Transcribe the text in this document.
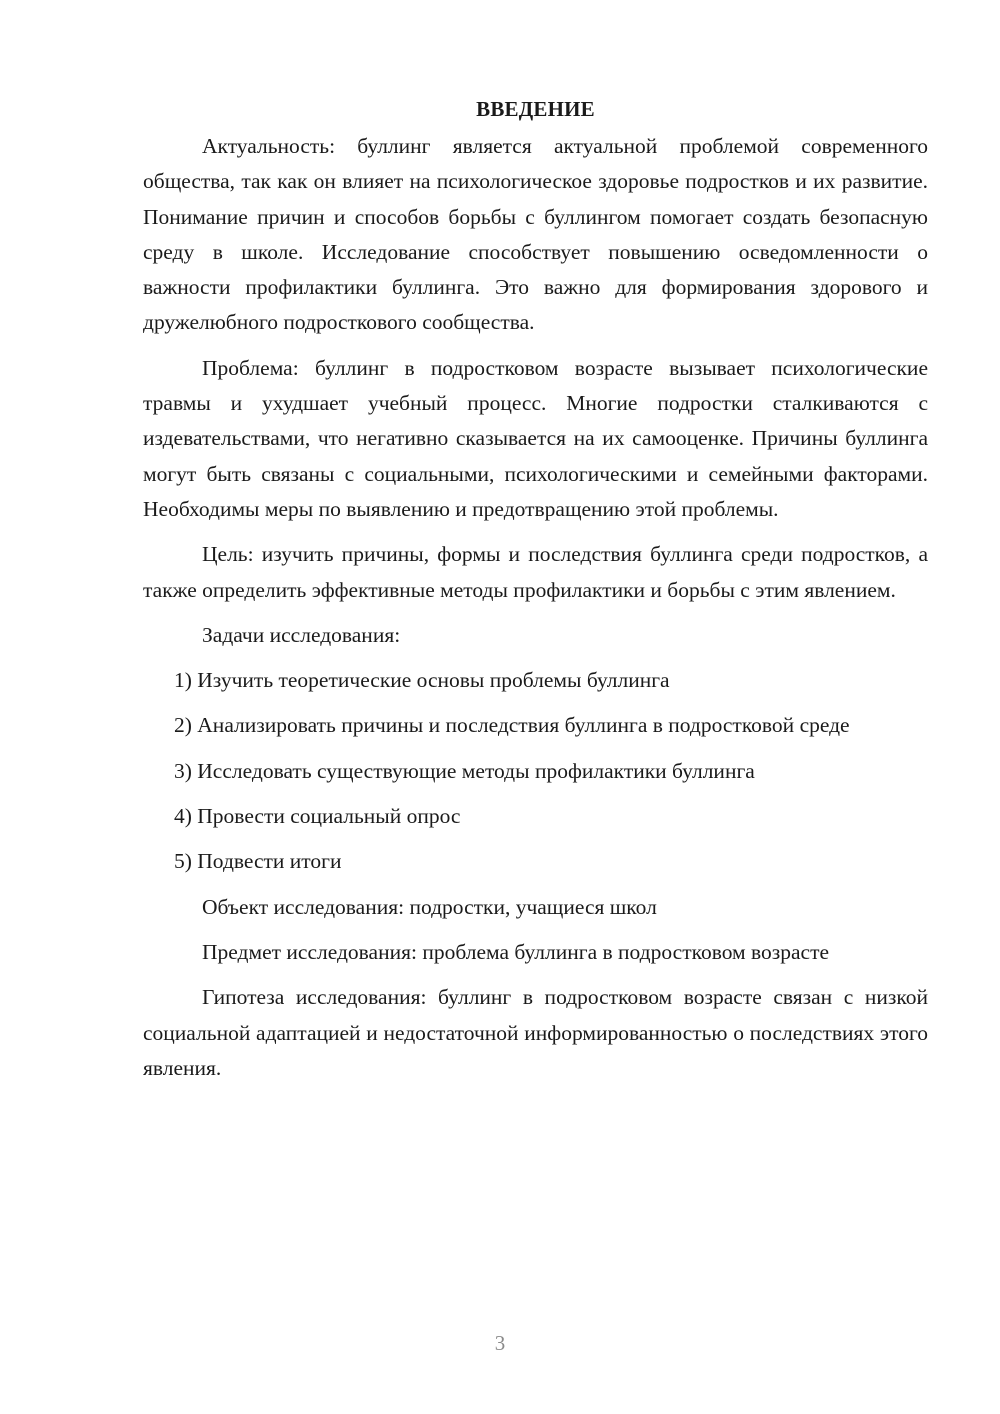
ВВЕДЕНИЕ

Актуальность: буллинг является актуальной проблемой современного общества, так как он влияет на психологическое здоровье подростков и их развитие. Понимание причин и способов борьбы с буллингом помогает создать безопасную среду в школе. Исследование способствует повышению осведомленности о важности профилактики буллинга. Это важно для формирования здорового и дружелюбного подросткового сообщества.

Проблема: буллинг в подростковом возрасте вызывает психологические травмы и ухудшает учебный процесс. Многие подростки сталкиваются с издевательствами, что негативно сказывается на их самооценке. Причины буллинга могут быть связаны с социальными, психологическими и семейными факторами. Необходимы меры по выявлению и предотвращению этой проблемы.

Цель: изучить причины, формы и последствия буллинга среди подростков, а также определить эффективные методы профилактики и борьбы с этим явлением.

Задачи исследования:

1) Изучить теоретические основы проблемы буллинга

2) Анализировать причины и последствия буллинга в подростковой среде

3) Исследовать существующие методы профилактики буллинга

4) Провести социальный опрос

5) Подвести итоги

Объект исследования: подростки, учащиеся школ

Предмет исследования: проблема буллинга в подростковом возрасте

Гипотеза исследования: буллинг в подростковом возрасте связан с низкой социальной адаптацией и недостаточной информированностью о последствиях этого явления.

3
